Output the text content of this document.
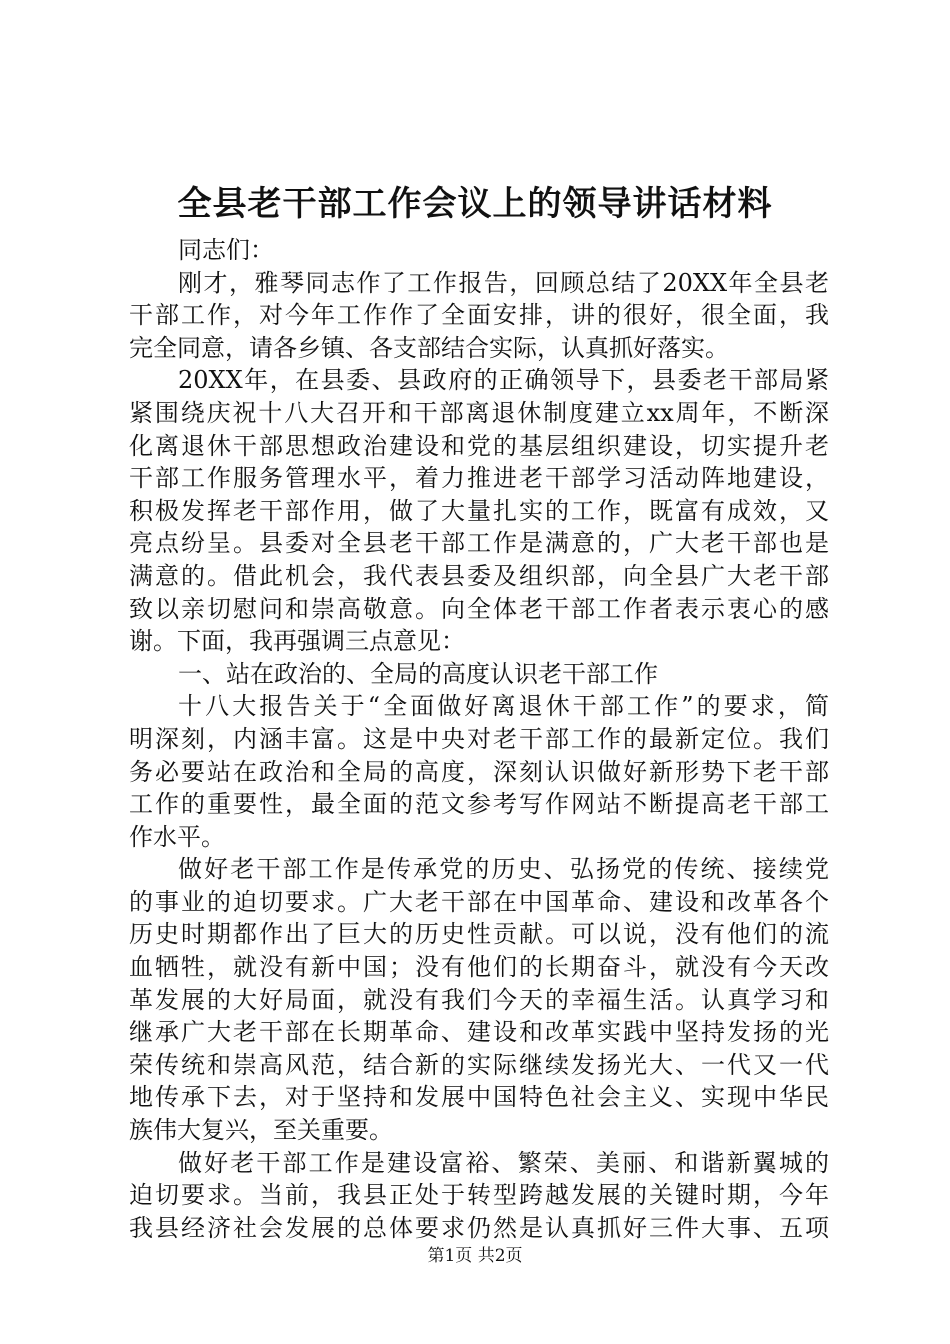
全县老干部工作会议上的领导讲话材料
同志们：
刚才，雅琴同志作了工作报告，回顾总结了20XX年全县老
干部工作，对今年工作作了全面安排，讲的很好，很全面，我
完全同意，请各乡镇、各支部结合实际，认真抓好落实。
20XX年，在县委、县政府的正确领导下，县委老干部局紧
紧围绕庆祝十八大召开和干部离退休制度建立xx周年，不断深
化离退休干部思想政治建设和党的基层组织建设，切实提升老
干部工作服务管理水平，着力推进老干部学习活动阵地建设，
积极发挥老干部作用，做了大量扎实的工作，既富有成效，又
亮点纷呈。县委对全县老干部工作是满意的，广大老干部也是
满意的。借此机会，我代表县委及组织部，向全县广大老干部
致以亲切慰问和崇高敬意。向全体老干部工作者表示衷心的感
谢。下面，我再强调三点意见：
一、站在政治的、全局的高度认识老干部工作
十八大报告关于“全面做好离退休干部工作”的要求，简
明深刻，内涵丰富。这是中央对老干部工作的最新定位。我们
务必要站在政治和全局的高度，深刻认识做好新形势下老干部
工作的重要性，最全面的范文参考写作网站不断提高老干部工
作水平。
做好老干部工作是传承党的历史、弘扬党的传统、接续党
的事业的迫切要求。广大老干部在中国革命、建设和改革各个
历史时期都作出了巨大的历史性贡献。可以说，没有他们的流
血牺牲，就没有新中国；没有他们的长期奋斗，就没有今天改
革发展的大好局面，就没有我们今天的幸福生活。认真学习和
继承广大老干部在长期革命、建设和改革实践中坚持发扬的光
荣传统和崇高风范，结合新的实际继续发扬光大、一代又一代
地传承下去，对于坚持和发展中国特色社会主义、实现中华民
族伟大复兴，至关重要。
做好老干部工作是建设富裕、繁荣、美丽、和谐新翼城的
迫切要求。当前，我县正处于转型跨越发展的关键时期，今年
我县经济社会发展的总体要求仍然是认真抓好三件大事、五项
第1页 共2页
